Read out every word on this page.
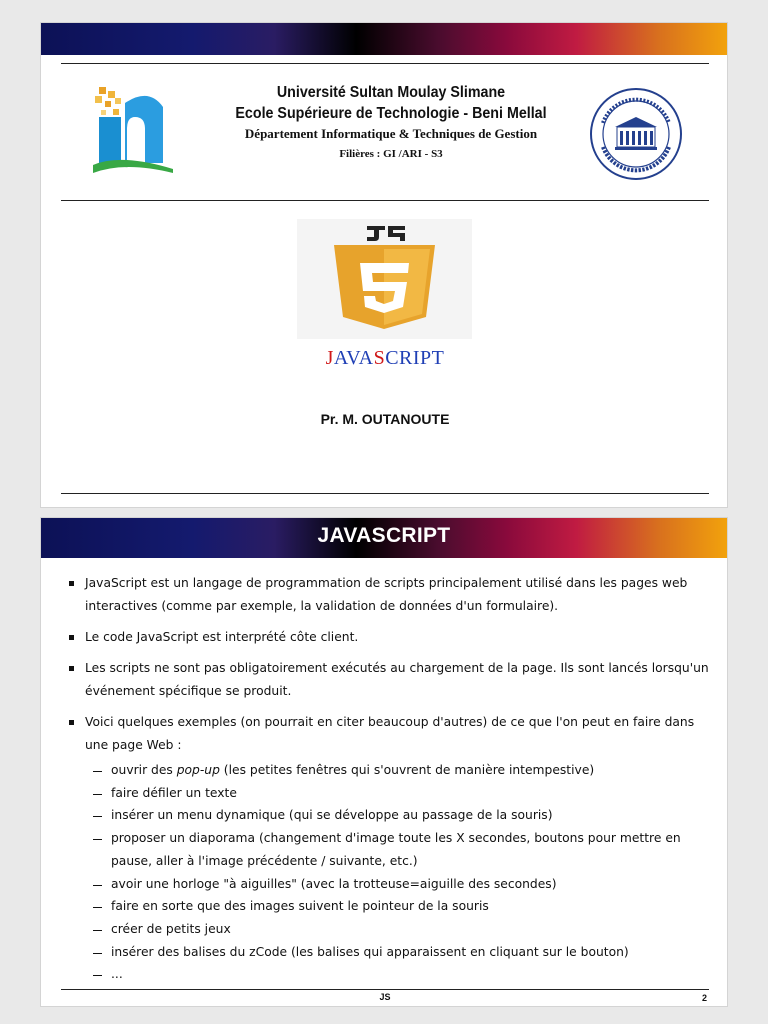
Université Sultan Moulay Slimane
Ecole Supérieure de Technologie - Beni Mellal
Département Informatique & Techniques de Gestion
Filières : GI /ARI - S3
JAVASCRIPT
Pr. M. OUTANOUTE
JAVASCRIPT
JavaScript est un langage de programmation de scripts principalement utilisé dans les pages web interactives (comme par exemple, la validation de données d'un formulaire).
Le code JavaScript est interprété côte client.
Les scripts ne sont pas obligatoirement exécutés au chargement de la page. Ils sont lancés lorsqu'un événement spécifique se produit.
Voici quelques exemples (on pourrait en citer beaucoup d'autres) de ce que l'on peut en faire dans une page Web :
ouvrir des pop-up (les petites fenêtres qui s'ouvrent de manière intempestive)
faire défiler un texte
insérer un menu dynamique (qui se développe au passage de la souris)
proposer un diaporama (changement d'image toute les X secondes, boutons pour mettre en pause, aller à l'image précédente / suivante, etc.)
avoir une horloge "à aiguilles" (avec la trotteuse=aiguille des secondes)
faire en sorte que des images suivent le pointeur de la souris
créer de petits jeux
insérer des balises du zCode (les balises qui apparaissent en cliquant sur le bouton)
...
JS	2
